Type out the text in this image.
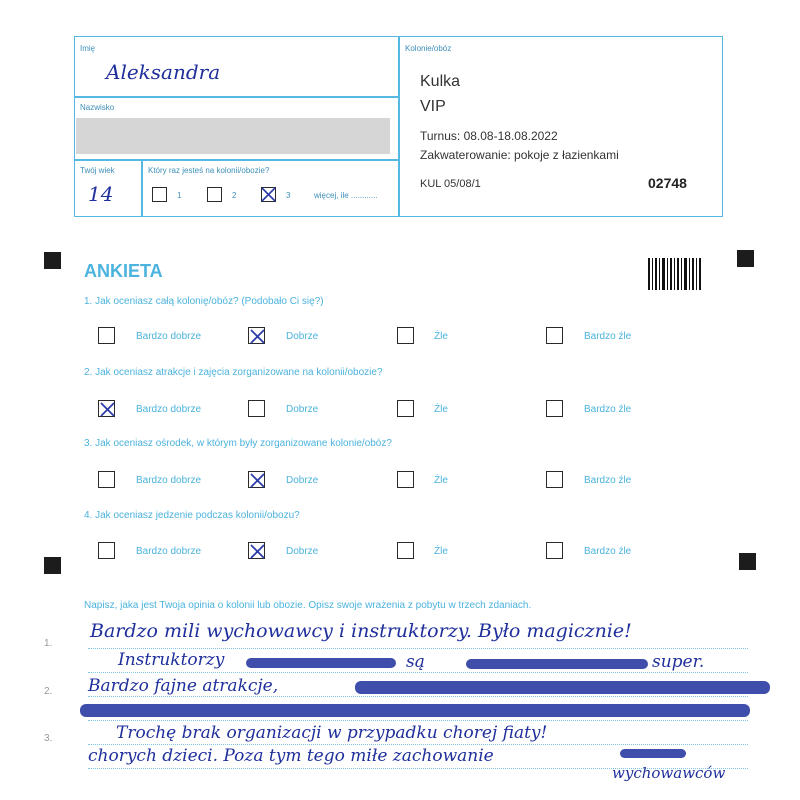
Imię
Aleksandra
Nazwisko
Twój wiek
14
Który raz jesteś na kolonii/obozie?
1	2	3	więcej, ile ............
Kolonie/obóz
Kulka
VIP
Turnus: 08.08-18.08.2022
Zakwaterowanie: pokoje z łazienkami
KUL 05/08/1	02748
ANKIETA
1. Jak oceniasz całą kolonię/obóz? (Podobało Ci się?)
Bardzo dobrze	Dobrze	Źle	Bardzo źle
2. Jak oceniasz atrakcje i zajęcia zorganizowane na kolonii/obozie?
Bardzo dobrze	Dobrze	Źle	Bardzo źle
3. Jak oceniasz ośrodek, w którym były zorganizowane kolonie/obóz?
Bardzo dobrze	Dobrze	Źle	Bardzo źle
4. Jak oceniasz jedzenie podczas kolonii/obozu?
Bardzo dobrze	Dobrze	Źle	Bardzo źle
Napisz, jaka jest Twoja opinia o kolonii lub obozie. Opisz swoje wrażenia z pobytu w trzech zdaniach.
1.
2.
3.
Bardzo mili wychowawcy i instruktorzy. Było magicznie!
Instruktorzy	są	super.
Bardzo fajne atrakcje,
Trochę brak organizacji w przypadku chorej fiaty!
chorych dzieci. Poza tym tego miłe zachowanie
wychowawców
